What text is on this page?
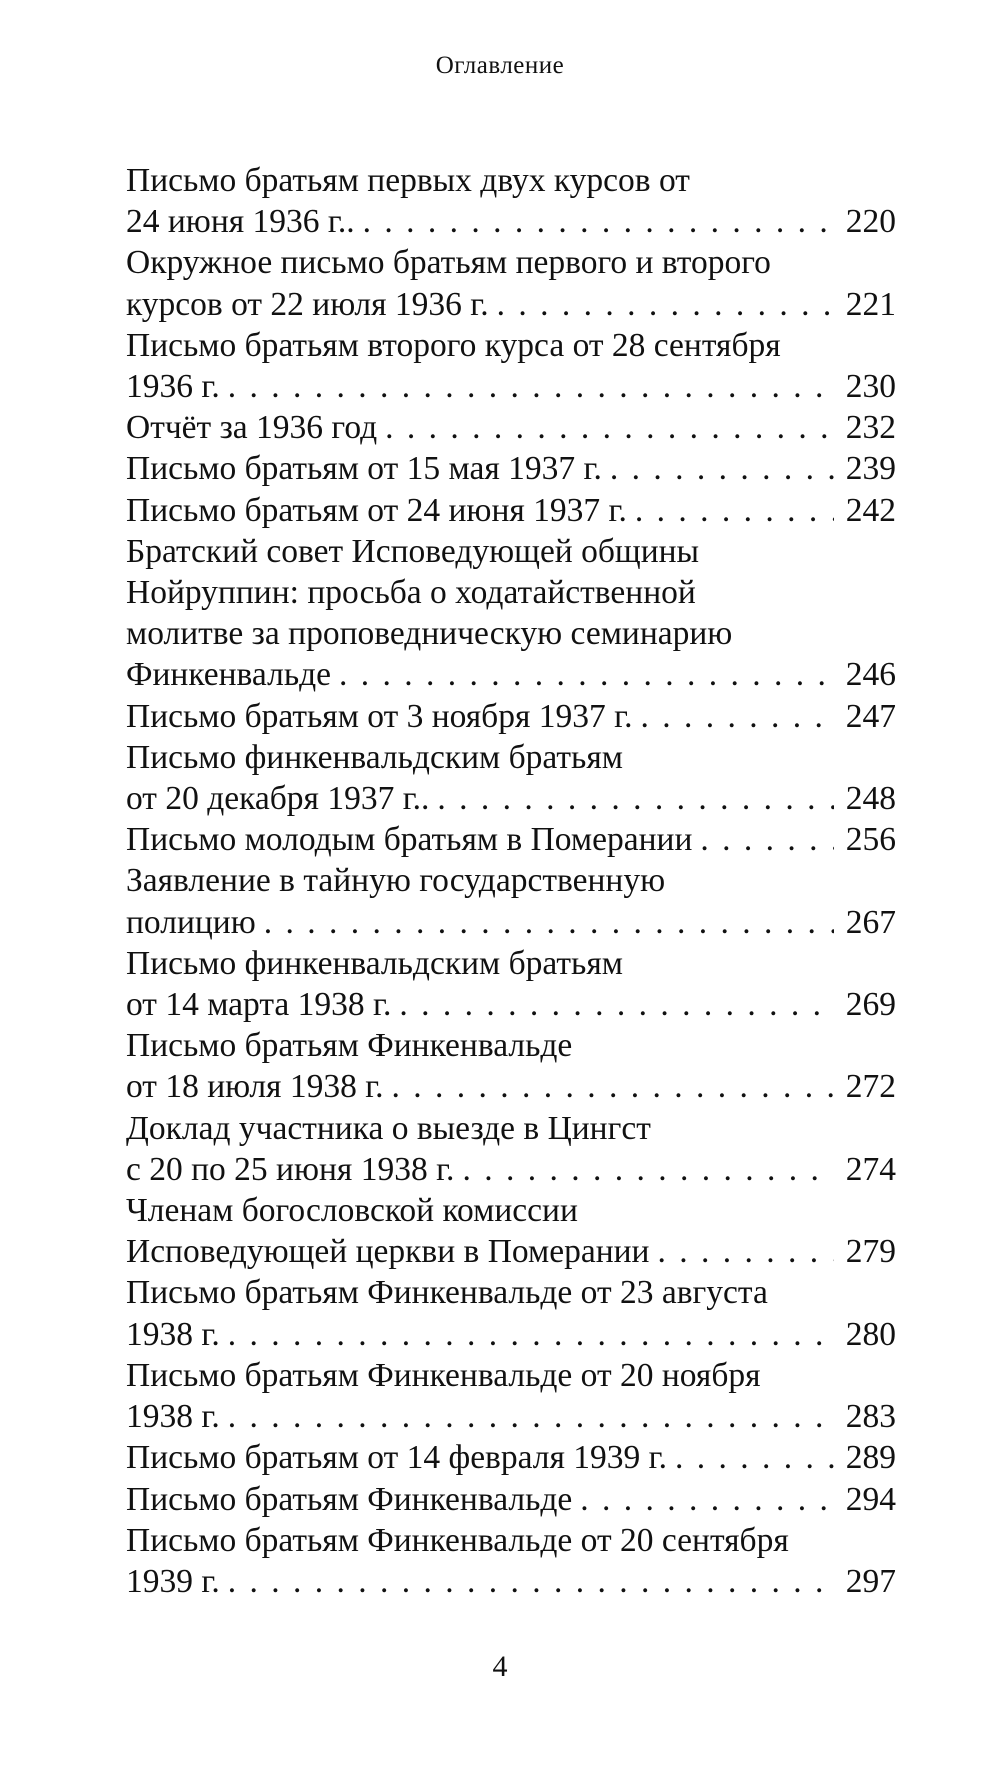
Оглавление
Письмо братьям первых двух курсов от
24 июня 1936 г.. . . .	220
Окружное письмо братьям первого и второго
курсов от 22 июля 1936 г. . . .	221
Письмо братьям второго курса от 28 сентября
1936 г. . . .	230
Отчёт за 1936 год . . .	232
Письмо братьям от 15 мая 1937 г. . . .	239
Письмо братьям от 24 июня 1937 г. . . .	242
Братский совет Исповедующей общины
Нойруппин: просьба о ходатайственной
молитве за проповедническую семинарию
Финкенвальде . . .	246
Письмо братьям от 3 ноября 1937 г. . . .	247
Письмо финкенвальдским братьям
от 20 декабря 1937 г.. . . .	248
Письмо молодым братьям в Померании . . .	256
Заявление в тайную государственную
полицию . . .	267
Письмо финкенвальдским братьям
от 14 марта 1938 г. . . .	269
Письмо братьям Финкенвальде
от 18 июля 1938 г. . . .	272
Доклад участника о выезде в Цингст
с 20 по 25 июня 1938 г. . . .	274
Членам богословской комиссии
Исповедующей церкви в Померании . . .	279
Письмо братьям Финкенвальде от 23 августа
1938 г. . . .	280
Письмо братьям Финкенвальде от 20 ноября
1938 г. . . .	283
Письмо братьям от 14 февраля 1939 г. . . .	289
Письмо братьям Финкенвальде . . .	294
Письмо братьям Финкенвальде от 20 сентября
1939 г. . . .	297
4
